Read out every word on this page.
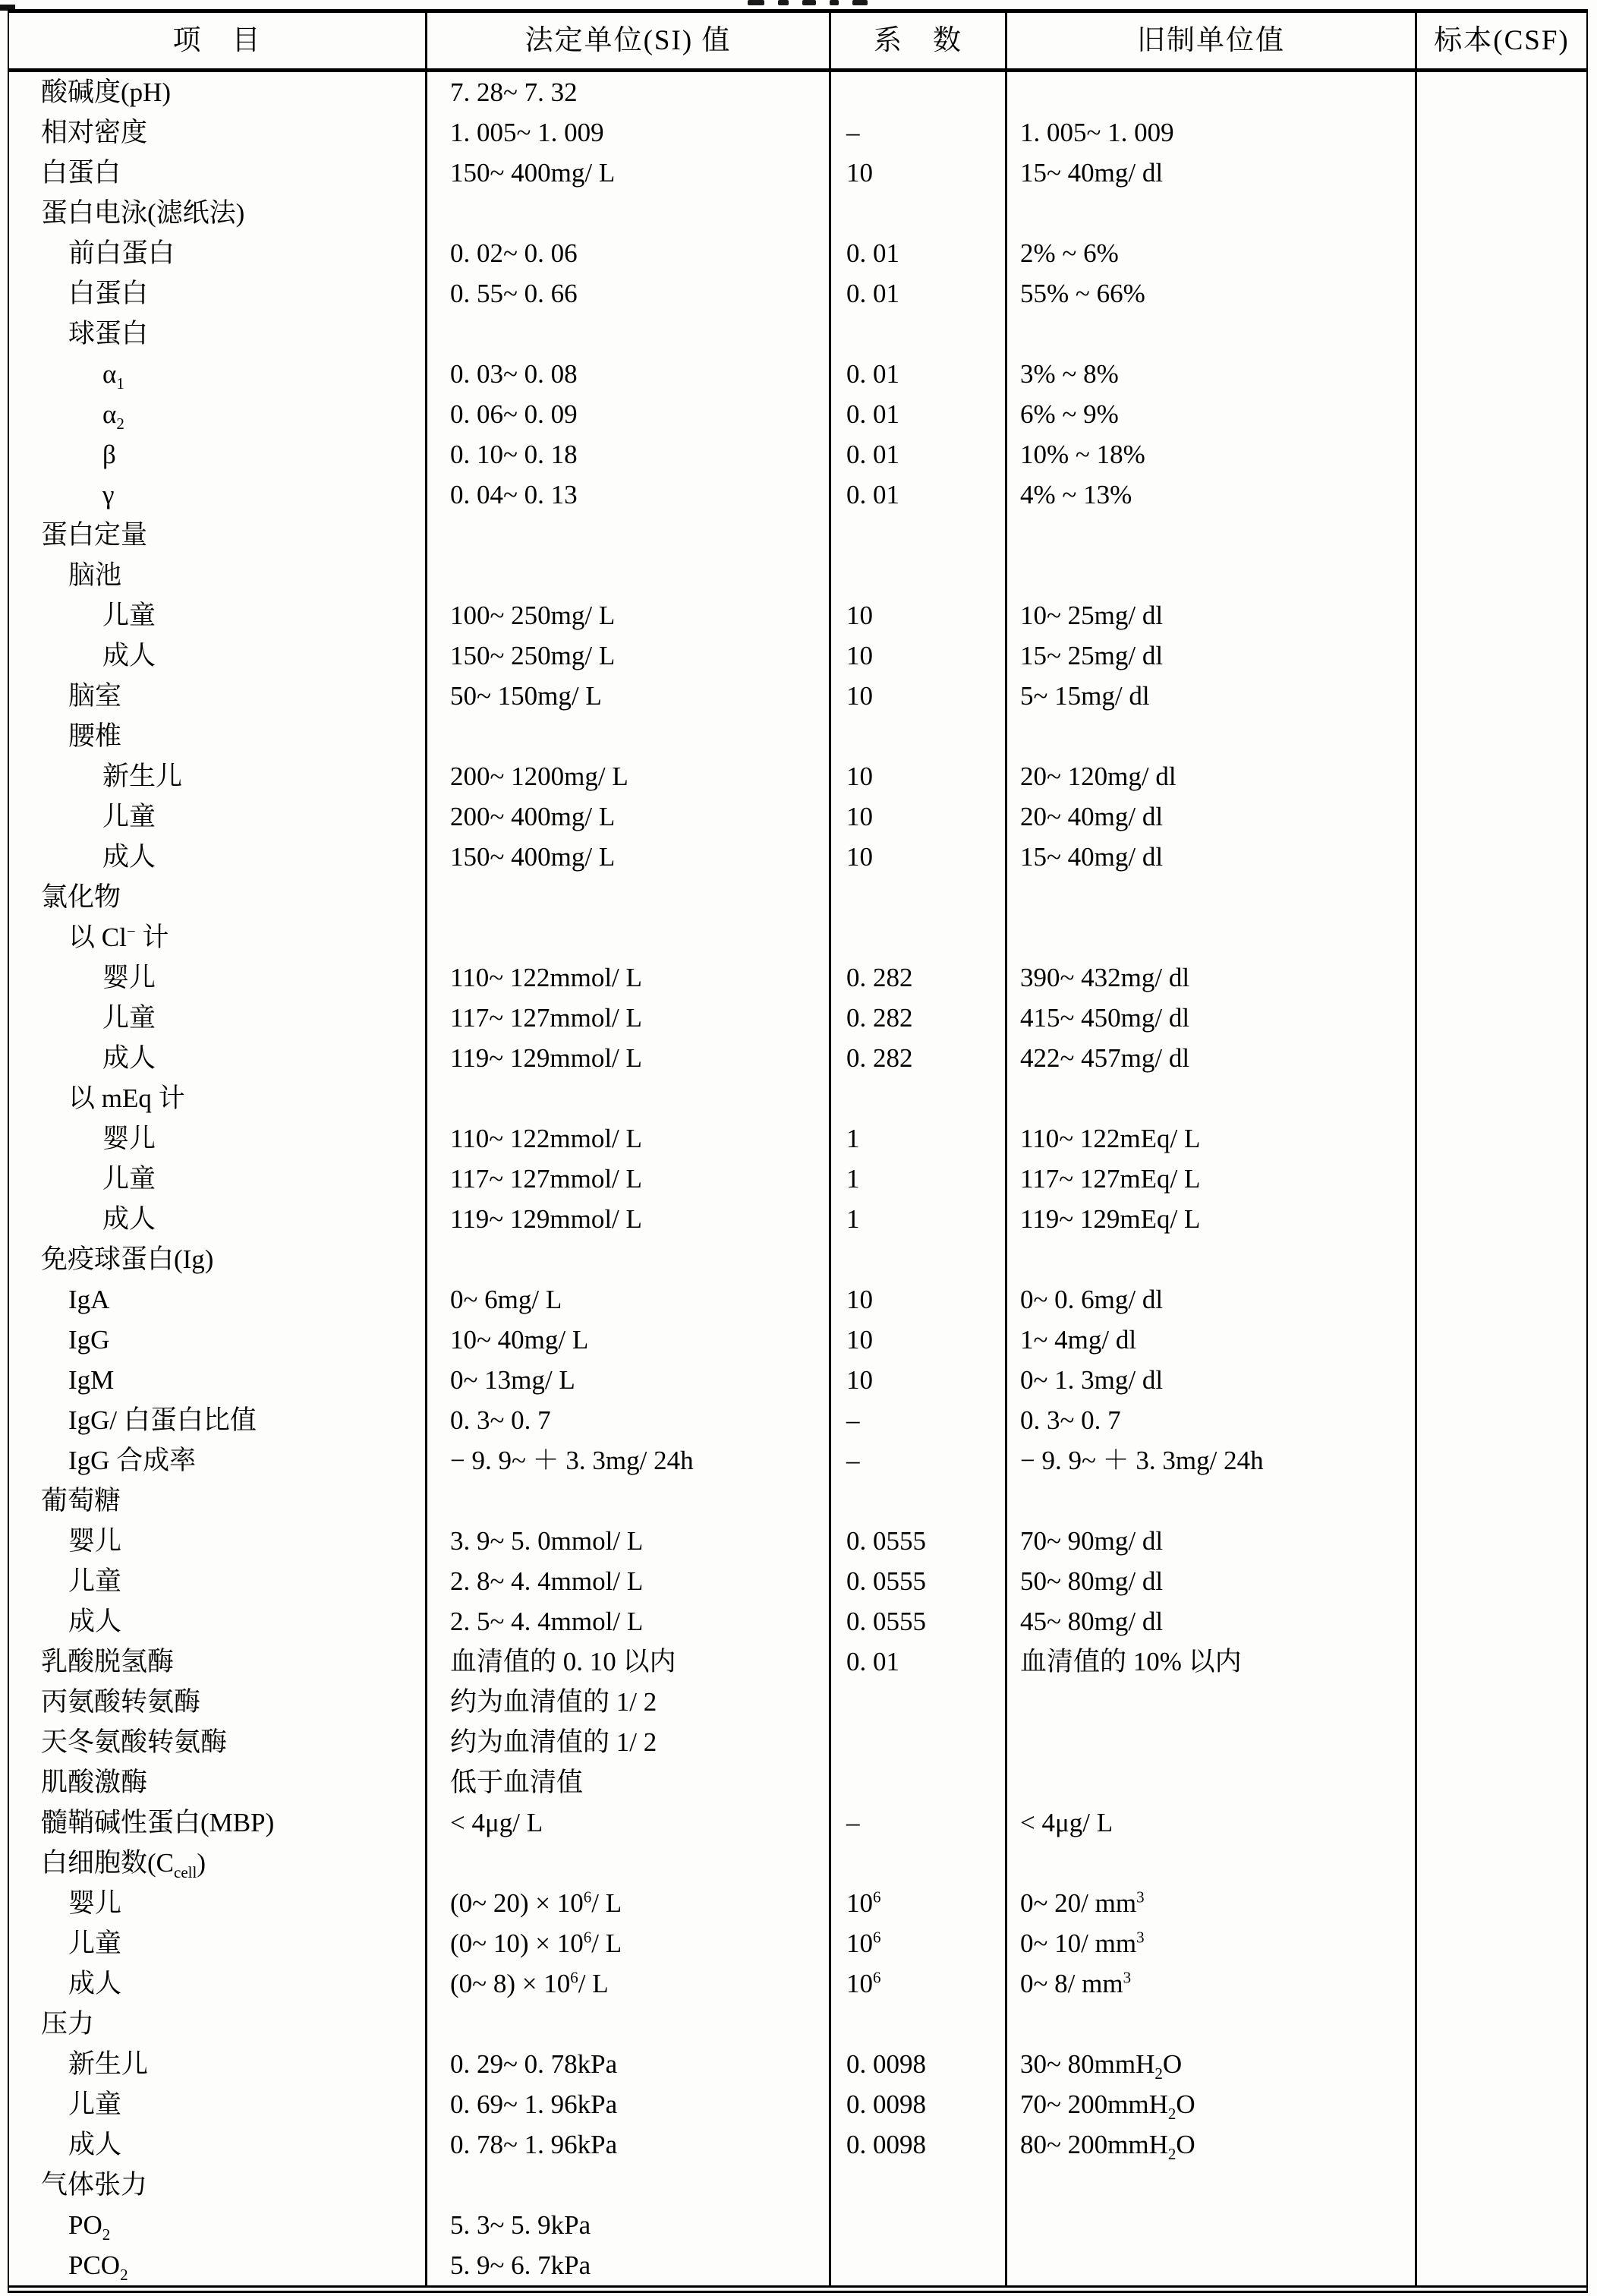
项　目	法定单位(SI) 值	系　数	旧制单位值	标本(CSF)
酸碱度(pH)	7. 28~ 7. 32
相对密度	1. 005~ 1. 009	–	1. 005~ 1. 009
白蛋白	150~ 400mg/ L	10	15~ 40mg/ dl
蛋白电泳(滤纸法)
前白蛋白	0. 02~ 0. 06	0. 01	2% ~ 6%
白蛋白	0. 55~ 0. 66	0. 01	55% ~ 66%
球蛋白
$\alpha_1$	0. 03~ 0. 08	0. 01	3% ~ 8%
$\alpha_2$	0. 06~ 0. 09	0. 01	6% ~ 9%
β	0. 10~ 0. 18	0. 01	10% ~ 18%
γ	0. 04~ 0. 13	0. 01	4% ~ 13%
蛋白定量
脑池
儿童	100~ 250mg/ L	10	10~ 25mg/ dl
成人	150~ 250mg/ L	10	15~ 25mg/ dl
脑室	50~ 150mg/ L	10	5~ 15mg/ dl
腰椎
新生儿	200~ 1200mg/ L	10	20~ 120mg/ dl
儿童	200~ 400mg/ L	10	20~ 40mg/ dl
成人	150~ 400mg/ L	10	15~ 40mg/ dl
氯化物
以 Cl− 计
婴儿	110~ 122mmol/ L	0. 282	390~ 432mg/ dl
儿童	117~ 127mmol/ L	0. 282	415~ 450mg/ dl
成人	119~ 129mmol/ L	0. 282	422~ 457mg/ dl
以 mEq 计
婴儿	110~ 122mmol/ L	1	110~ 122mEq/ L
儿童	117~ 127mmol/ L	1	117~ 127mEq/ L
成人	119~ 129mmol/ L	1	119~ 129mEq/ L
免疫球蛋白(Ig)
IgA	0~ 6mg/ L	10	0~ 0. 6mg/ dl
IgG	10~ 40mg/ L	10	1~ 4mg/ dl
IgM	0~ 13mg/ L	10	0~ 1. 3mg/ dl
IgG/ 白蛋白比值	0. 3~ 0. 7	–	0. 3~ 0. 7
IgG 合成率	− 9. 9~ ＋ 3. 3mg/ 24h	–	− 9. 9~ ＋ 3. 3mg/ 24h
葡萄糖
婴儿	3. 9~ 5. 0mmol/ L	0. 0555	70~ 90mg/ dl
儿童	2. 8~ 4. 4mmol/ L	0. 0555	50~ 80mg/ dl
成人	2. 5~ 4. 4mmol/ L	0. 0555	45~ 80mg/ dl
乳酸脱氢酶	血清值的 0. 10 以内	0. 01	血清值的 10% 以内
丙氨酸转氨酶	约为血清值的 1/ 2
天冬氨酸转氨酶	约为血清值的 1/ 2
肌酸激酶	低于血清值
髓鞘碱性蛋白(MBP)	< 4μg/ L	–	< 4μg/ L
白细胞数$(C_{cell})$
婴儿	(0~ $20) \times 10^6/$ L	$10^6$	0~ 20/ $mm^3$
儿童	(0~ $10) \times 10^6/$ L	$10^6$	0~ 10/ $mm^3$
成人	(0~ $8) \times 10^6/$ L	$10^6$	0~ 8/ $mm^3$
压力
新生儿	0. 29~ 0. 78kPa	0. 0098	30~ 80mmH$_2$O
儿童	0. 69~ 1. 96kPa	0. 0098	70~ 200mmH$_2$O
成人	0. 78~ 1. 96kPa	0. 0098	80~ 200mmH$_2$O
气体张力
$PO_2$	5. 3~ 5. 9kPa
$PCO_2$	5. 9~ 6. 7kPa
